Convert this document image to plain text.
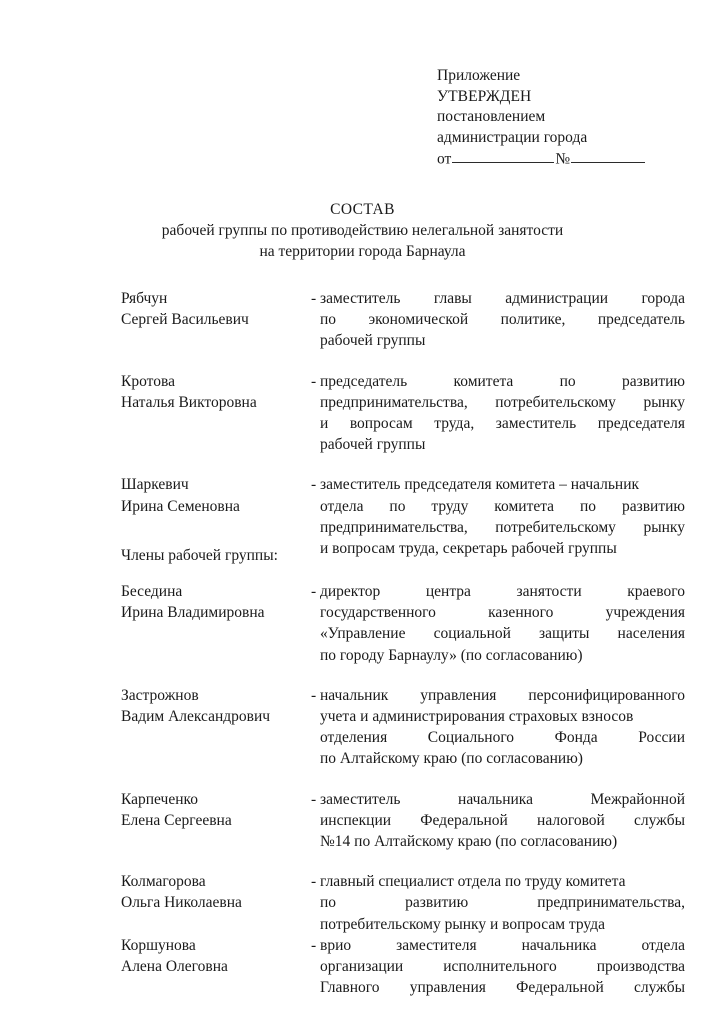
Приложение
УТВЕРЖДЕН
постановлением
администрации города
от	№
СОСТАВ
рабочей группы по противодействию нелегальной занятости
на территории города Барнаула
Рябчун
Сергей Васильевич
- заместитель главы администрации города
по экономической политике, председатель
рабочей группы
Кротова
Наталья Викторовна
- председатель комитета по развитию
предпринимательства, потребительскому рынку
и вопросам труда, заместитель председателя
рабочей группы
Шаркевич
Ирина Семеновна
- заместитель председателя комитета – начальник
отдела по труду комитета по развитию
предпринимательства, потребительскому рынку
и вопросам труда, секретарь рабочей группы
Члены рабочей группы:
Беседина
Ирина Владимировна
- директор центра занятости краевого
государственного казенного учреждения
«Управление социальной защиты населения
по городу Барнаулу» (по согласованию)
Застрожнов
Вадим Александрович
- начальник управления персонифицированного
учета и администрирования страховых взносов
отделения Социального Фонда России
по Алтайскому краю (по согласованию)
Карпеченко
Елена Сергеевна
- заместитель начальника Межрайонной
инспекции Федеральной налоговой службы
№14 по Алтайскому краю (по согласованию)
Колмагорова
Ольга Николаевна
- главный специалист отдела по труду комитета
по развитию предпринимательства,
потребительскому рынку и вопросам труда
Коршунова
Алена Олеговна
- врио заместителя начальника отдела
организации исполнительного производства
Главного управления Федеральной службы
